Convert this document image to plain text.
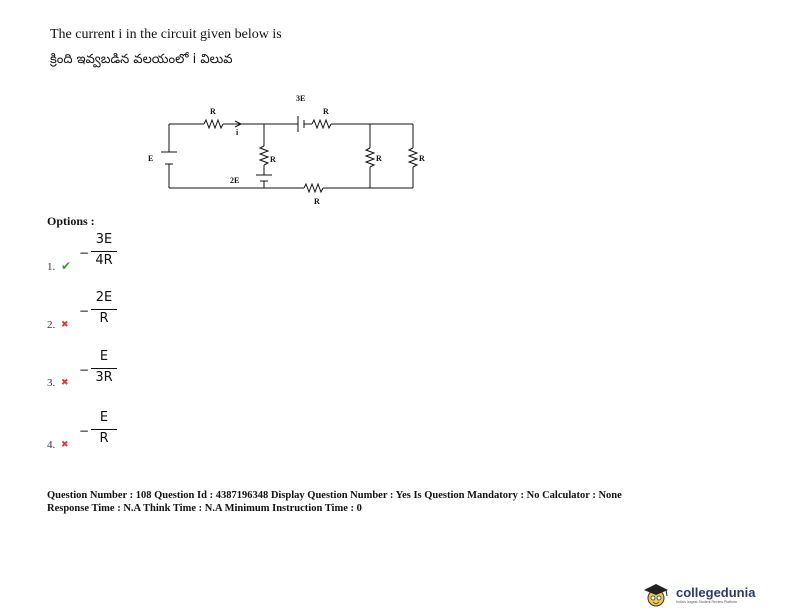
The current i in the circuit given below is
క్రింది ఇవ్వబడిన వలయంలో i విలువ
E
3E
2E
R	R
R
R
R	R
i
Options :
1. ✔
−
3E
4R
2. ✖
−
2E
R
3. ✖
−
E
3R
4. ✖
−
E
R
Question Number : 108 Question Id : 4387196348 Display Question Number : Yes Is Question Mandatory : No Calculator : None
Response Time : N.A Think Time : N.A Minimum Instruction Time : 0
collegedunia
India's largest Student Review Platform
